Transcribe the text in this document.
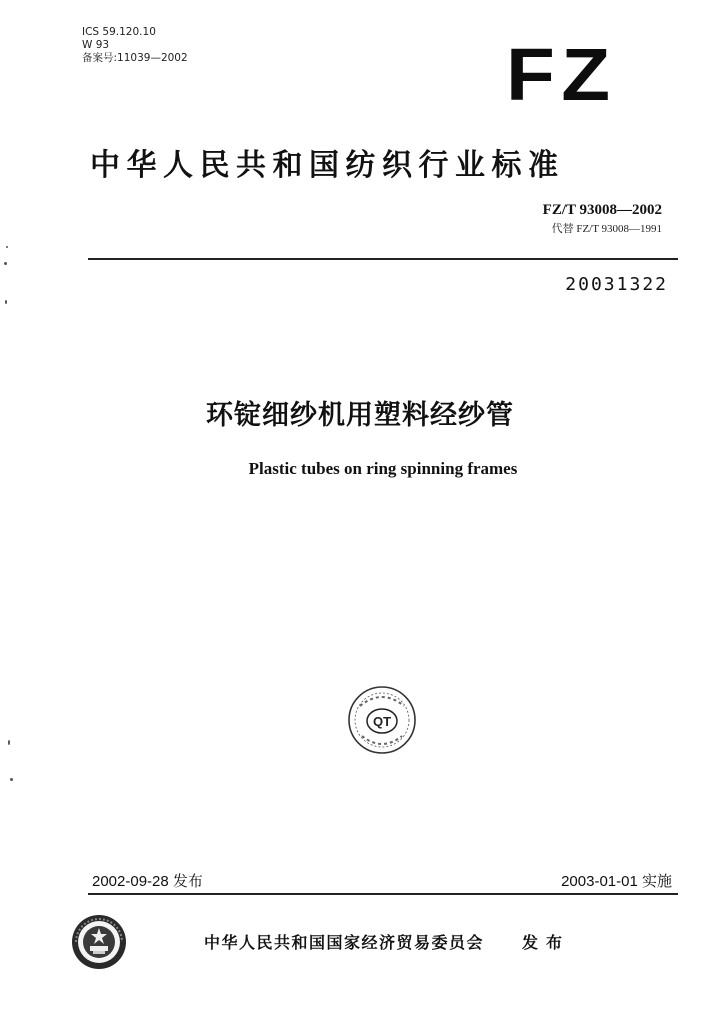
ICS 59.120.10
W 93
备案号:11039—2002	FZ
中华人民共和国纺织行业标准
FZ/T 93008—2002
代替 FZ/T 93008—1991
20031322
环锭细纱机用塑料经纱管
Plastic tubes on ring spinning frames
QT
2002-09-28 发布	2003-01-01 实施
中华人民共和国国家经济贸易委员会 发布
